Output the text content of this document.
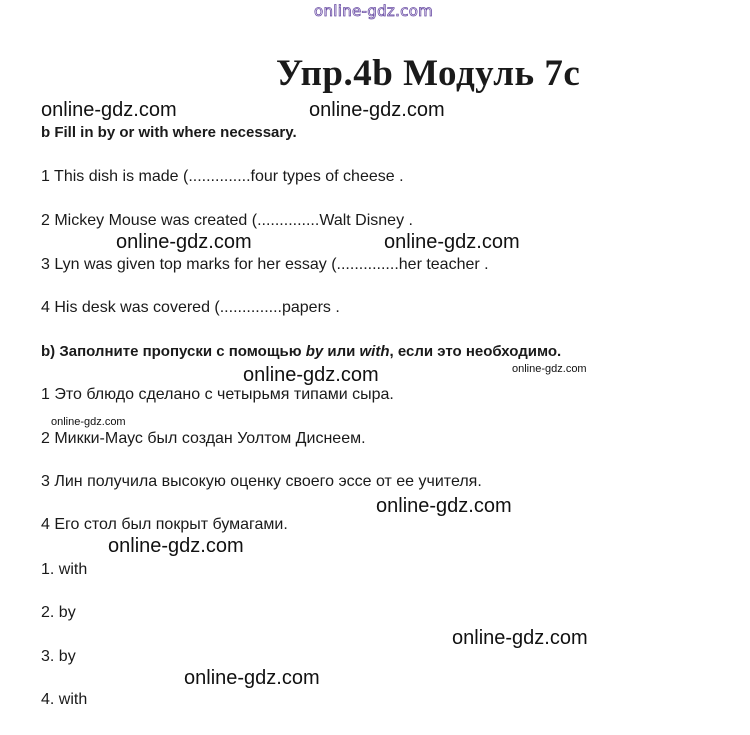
online-gdz.com
Упр.4b Модуль 7c
online-gdz.com	online-gdz.com
online-gdz.com	online-gdz.com
online-gdz.com	online-gdz.com
online-gdz.com
online-gdz.com
online-gdz.com
online-gdz.com
online-gdz.com
b Fill in by or with where necessary.
1 This dish is made (..............four types of cheese .
2 Mickey Mouse was created (..............Walt Disney .
3 Lyn was given top marks for her essay (..............her teacher .
4 His desk was covered (..............papers .
b) Заполните пропуски с помощью by или with, если это необходимо.
1 Это блюдо сделано с четырьмя типами сыра.
2 Микки-Маус был создан Уолтом Диснеем.
3 Лин получила высокую оценку своего эссе от ее учителя.
4 Его стол был покрыт бумагами.
1. with
2. by
3. by
4. with
